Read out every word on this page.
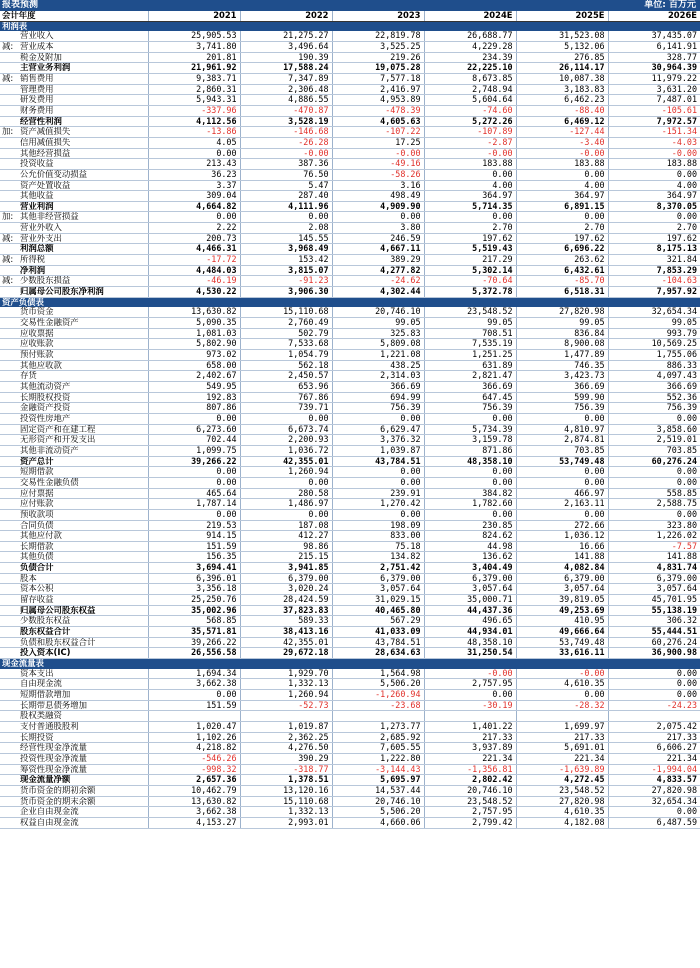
报表预测	单位: 百万元
会计年度	2021	2022	2023	2024E	2025E	2026E
利润表						
营业收入	25,905.53	21,275.27	22,819.78	26,688.77	31,523.08	37,435.07
减: 营业成本	3,741.80	3,496.64	3,525.25	4,229.28	5,132.06	6,141.91
税金及附加	201.81	190.39	219.26	234.39	276.85	328.77
主营业务利润	21,961.92	17,588.24	19,075.28	22,225.10	26,114.17	30,964.39
减: 销售费用	9,383.71	7,347.89	7,577.18	8,673.85	10,087.38	11,979.22
管理费用	2,860.31	2,306.48	2,416.97	2,748.94	3,183.83	3,631.20
研发费用	5,943.31	4,886.55	4,953.89	5,604.64	6,462.23	7,487.01
财务费用	-337.96	-470.87	-478.39	-74.60	-88.40	-105.61
经营性利润	4,112.56	3,528.19	4,605.63	5,272.26	6,469.12	7,972.57
加: 资产减值损失	-13.86	-146.68	-107.22	-107.89	-127.44	-151.34
信用减值损失	4.05	-26.28	17.25	-2.87	-3.40	-4.03
其他经营损益	0.00	-0.00	-0.00	-0.00	-0.00	-0.00
投资收益	213.43	387.36	-49.16	183.88	183.88	183.88
公允价值变动损益	36.23	76.50	-58.26	0.00	0.00	0.00
资产处置收益	3.37	5.47	3.16	4.00	4.00	4.00
其他收益	309.04	287.40	498.49	364.97	364.97	364.97
营业利润	4,664.82	4,111.96	4,909.90	5,714.35	6,891.15	8,370.05
加: 其他非经营损益	0.00	0.00	0.00	0.00	0.00	0.00
营业外收入	2.22	2.08	3.80	2.70	2.70	2.70
减: 营业外支出	200.73	145.55	246.59	197.62	197.62	197.62
利润总额	4,466.31	3,968.49	4,667.11	5,519.43	6,696.22	8,175.13
减: 所得税	-17.72	153.42	389.29	217.29	263.62	321.84
净利润	4,484.03	3,815.07	4,277.82	5,302.14	6,432.61	7,853.29
减: 少数股东损益	-46.19	-91.23	-24.62	-70.64	-85.70	-104.63
归属母公司股东净利润	4,530.22	3,906.30	4,302.44	5,372.78	6,518.31	7,957.92
资产负债表						
货币资金	13,630.82	15,110.68	20,746.10	23,548.52	27,820.98	32,654.34
交易性金融资产	5,090.35	2,760.49	99.05	99.05	99.05	99.05
应收票据	1,081.03	502.79	325.83	708.51	836.84	993.79
应收账款	5,802.90	7,533.68	5,809.08	7,535.19	8,900.08	10,569.25
预付账款	973.02	1,054.79	1,221.08	1,251.25	1,477.89	1,755.06
其他应收款	658.00	562.18	438.25	631.89	746.35	886.33
存货	2,402.67	2,450.57	2,314.03	2,821.47	3,423.73	4,097.43
其他流动资产	549.95	653.96	366.69	366.69	366.69	366.69
长期股权投资	192.83	767.86	694.99	647.45	599.90	552.36
金融资产投资	807.86	739.71	756.39	756.39	756.39	756.39
投资性房地产	0.00	0.00	0.00	0.00	0.00	0.00
固定资产和在建工程	6,273.60	6,673.74	6,629.47	5,734.39	4,810.97	3,858.60
无形资产和开发支出	702.44	2,200.93	3,376.32	3,159.78	2,874.81	2,519.01
其他非流动资产	1,099.75	1,036.72	1,039.87	871.86	703.85	703.85
资产总计	39,266.22	42,355.01	43,784.51	48,358.10	53,749.48	60,276.24
短期借款	0.00	1,260.94	0.00	0.00	0.00	0.00
交易性金融负债	0.00	0.00	0.00	0.00	0.00	0.00
应付票据	465.64	280.58	239.91	384.82	466.97	558.85
应付账款	1,787.14	1,486.97	1,270.42	1,782.60	2,163.11	2,588.75
预收款项	0.00	0.00	0.00	0.00	0.00	0.00
合同负债	219.53	187.08	198.09	230.85	272.66	323.80
其他应付款	914.15	412.27	833.00	824.62	1,036.12	1,226.02
长期借款	151.59	98.86	75.18	44.98	16.66	-7.57
其他负债	156.35	215.15	134.82	136.62	141.88	141.88
负债合计	3,694.41	3,941.85	2,751.42	3,404.49	4,082.84	4,831.74
股本	6,396.01	6,379.00	6,379.00	6,379.00	6,379.00	6,379.00
资本公积	3,356.18	3,020.24	3,057.64	3,057.64	3,057.64	3,057.64
留存收益	25,250.76	28,424.59	31,029.15	35,000.71	39,819.05	45,701.95
归属母公司股东权益	35,002.96	37,823.83	40,465.80	44,437.36	49,253.69	55,138.19
少数股东权益	568.85	589.33	567.29	496.65	410.95	306.32
股东权益合计	35,571.81	38,413.16	41,033.09	44,934.01	49,666.64	55,444.51
负债和股东权益合计	39,266.22	42,355.01	43,784.51	48,358.10	53,749.48	60,276.24
投入资本(IC)	26,556.58	29,672.18	28,634.63	31,250.54	33,616.11	36,900.98
现金流量表						
资本支出	1,694.34	1,929.70	1,564.98	-0.00	-0.00	0.00
自由现金流	3,662.38	1,332.13	5,506.20	2,757.95	4,610.35	0.00
短期借款增加	0.00	1,260.94	-1,260.94	0.00	0.00	0.00
长期带息债务增加	151.59	-52.73	-23.68	-30.19	-28.32	-24.23
股权类融资						
支付普通股股利	1,020.47	1,019.87	1,273.77	1,401.22	1,699.97	2,075.42
长期投资	1,102.26	2,362.25	2,685.92	217.33	217.33	217.33
经营性现金净流量	4,218.82	4,276.50	7,605.55	3,937.89	5,691.01	6,606.27
投资性现金净流量	-546.26	390.29	1,222.80	221.34	221.34	221.34
筹资性现金净流量	-998.32	-318.77	-3,144.43	-1,356.81	-1,639.89	-1,994.04
现金流量净额	2,657.36	1,378.51	5,695.97	2,802.42	4,272.45	4,833.57
货币资金的期初余额	10,462.79	13,120.16	14,537.44	20,746.10	23,548.52	27,820.98
货币资金的期末余额	13,630.82	15,110.68	20,746.10	23,548.52	27,820.98	32,654.34
企业自由现金流	3,662.38	1,332.13	5,506.20	2,757.95	4,610.35	0.00
权益自由现金流	4,153.27	2,993.01	4,660.06	2,799.42	4,182.08	6,487.59
